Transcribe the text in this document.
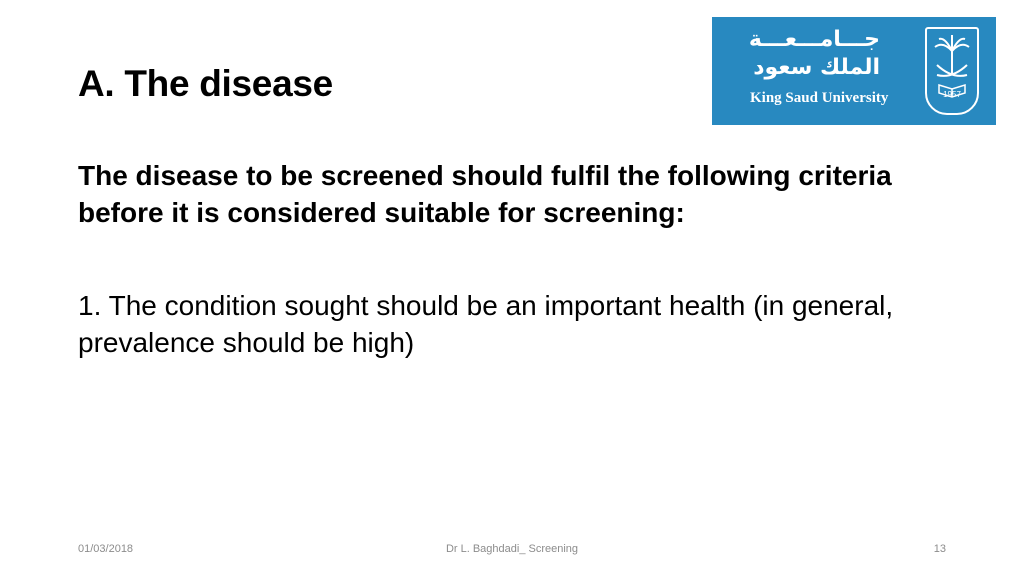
A. The disease
جـــامـــعـــة
الملك سعود
King Saud University	1957
The disease to be screened should fulfil the following criteria before it is considered suitable for screening:
1. The condition sought should be an important health (in general, prevalence should be high)
01/03/2018	Dr L. Baghdadi_ Screening	13
